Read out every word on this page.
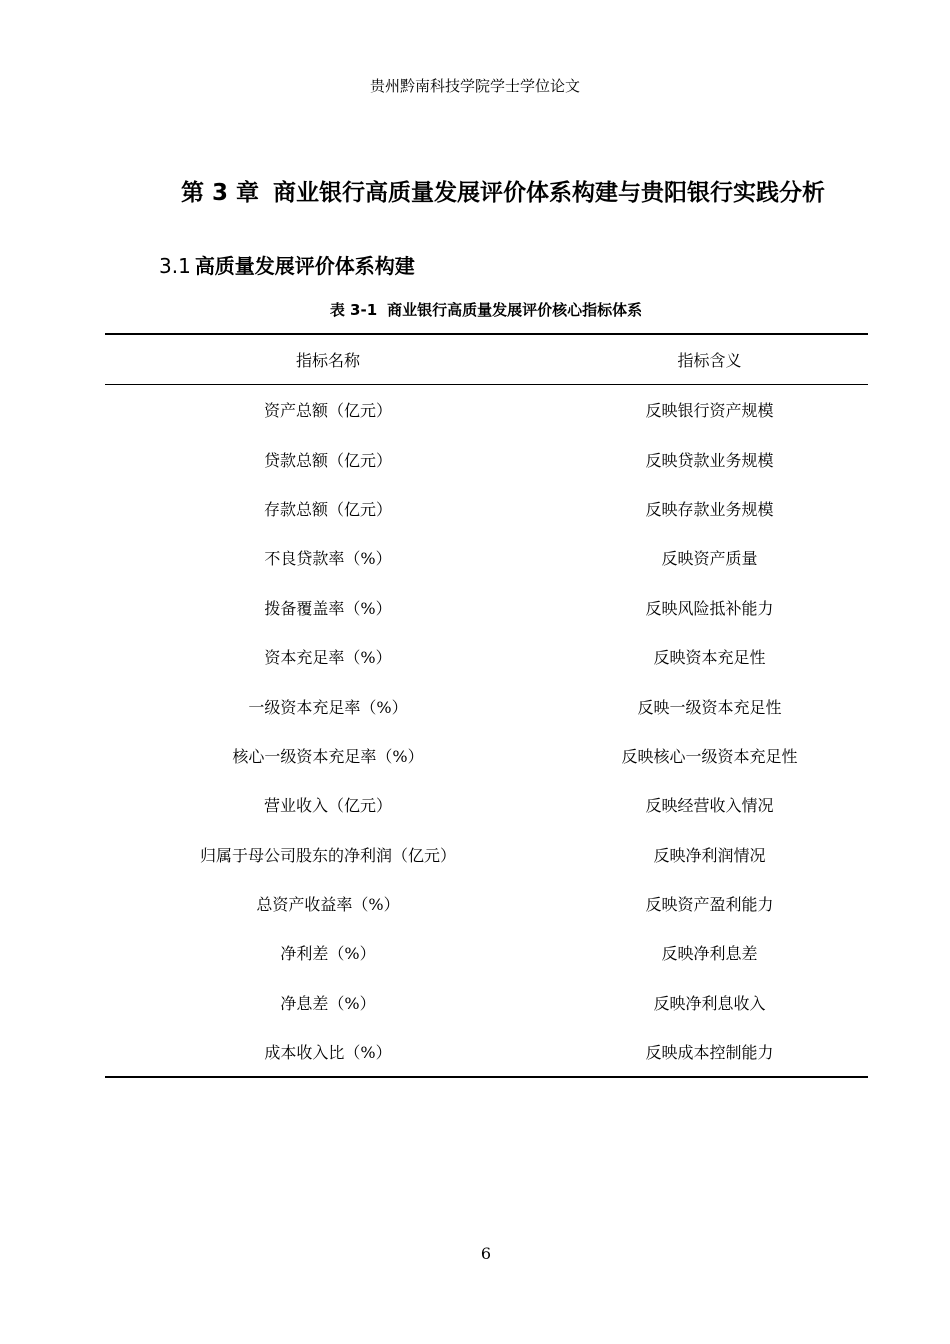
贵州黔南科技学院学士学位论文
第 3 章 商业银行高质量发展评价体系构建与贵阳银行实践分析
3.1 高质量发展评价体系构建
表 3-1 商业银行高质量发展评价核心指标体系
指标名称	指标含义
资产总额（亿元）	反映银行资产规模
贷款总额（亿元）	反映贷款业务规模
存款总额（亿元）	反映存款业务规模
不良贷款率（%）	反映资产质量
拨备覆盖率（%）	反映风险抵补能力
资本充足率（%）	反映资本充足性
一级资本充足率（%）	反映一级资本充足性
核心一级资本充足率（%）	反映核心一级资本充足性
营业收入（亿元）	反映经营收入情况
归属于母公司股东的净利润（亿元）	反映净利润情况
总资产收益率（%）	反映资产盈利能力
净利差（%）	反映净利息差
净息差（%）	反映净利息收入
成本收入比（%）	反映成本控制能力
6
